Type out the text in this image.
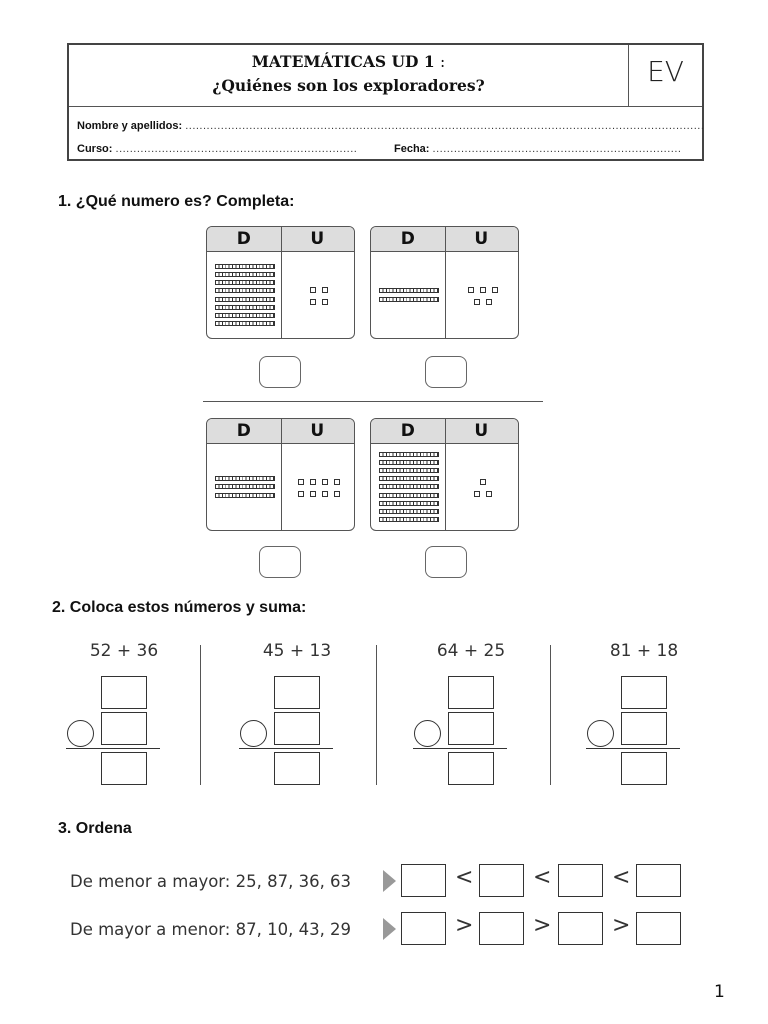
MATEMÁTICAS UD 1 :
¿Quiénes son los exploradores?	EV
Nombre y apellidos: ..................................................................................................................................................
Curso: ....................................................................	Fecha: ......................................................................
1. ¿Qué numero es? Completa:
D	U	D	U
D	U	D	U
2. Coloca estos números y suma:
52 + 36	45 + 13	64 + 25	81 + 18
3. Ordena
De menor a mayor: 25, 87, 36, 63	<	<	<
De mayor a menor: 87, 10, 43, 29	>	>	>
1
